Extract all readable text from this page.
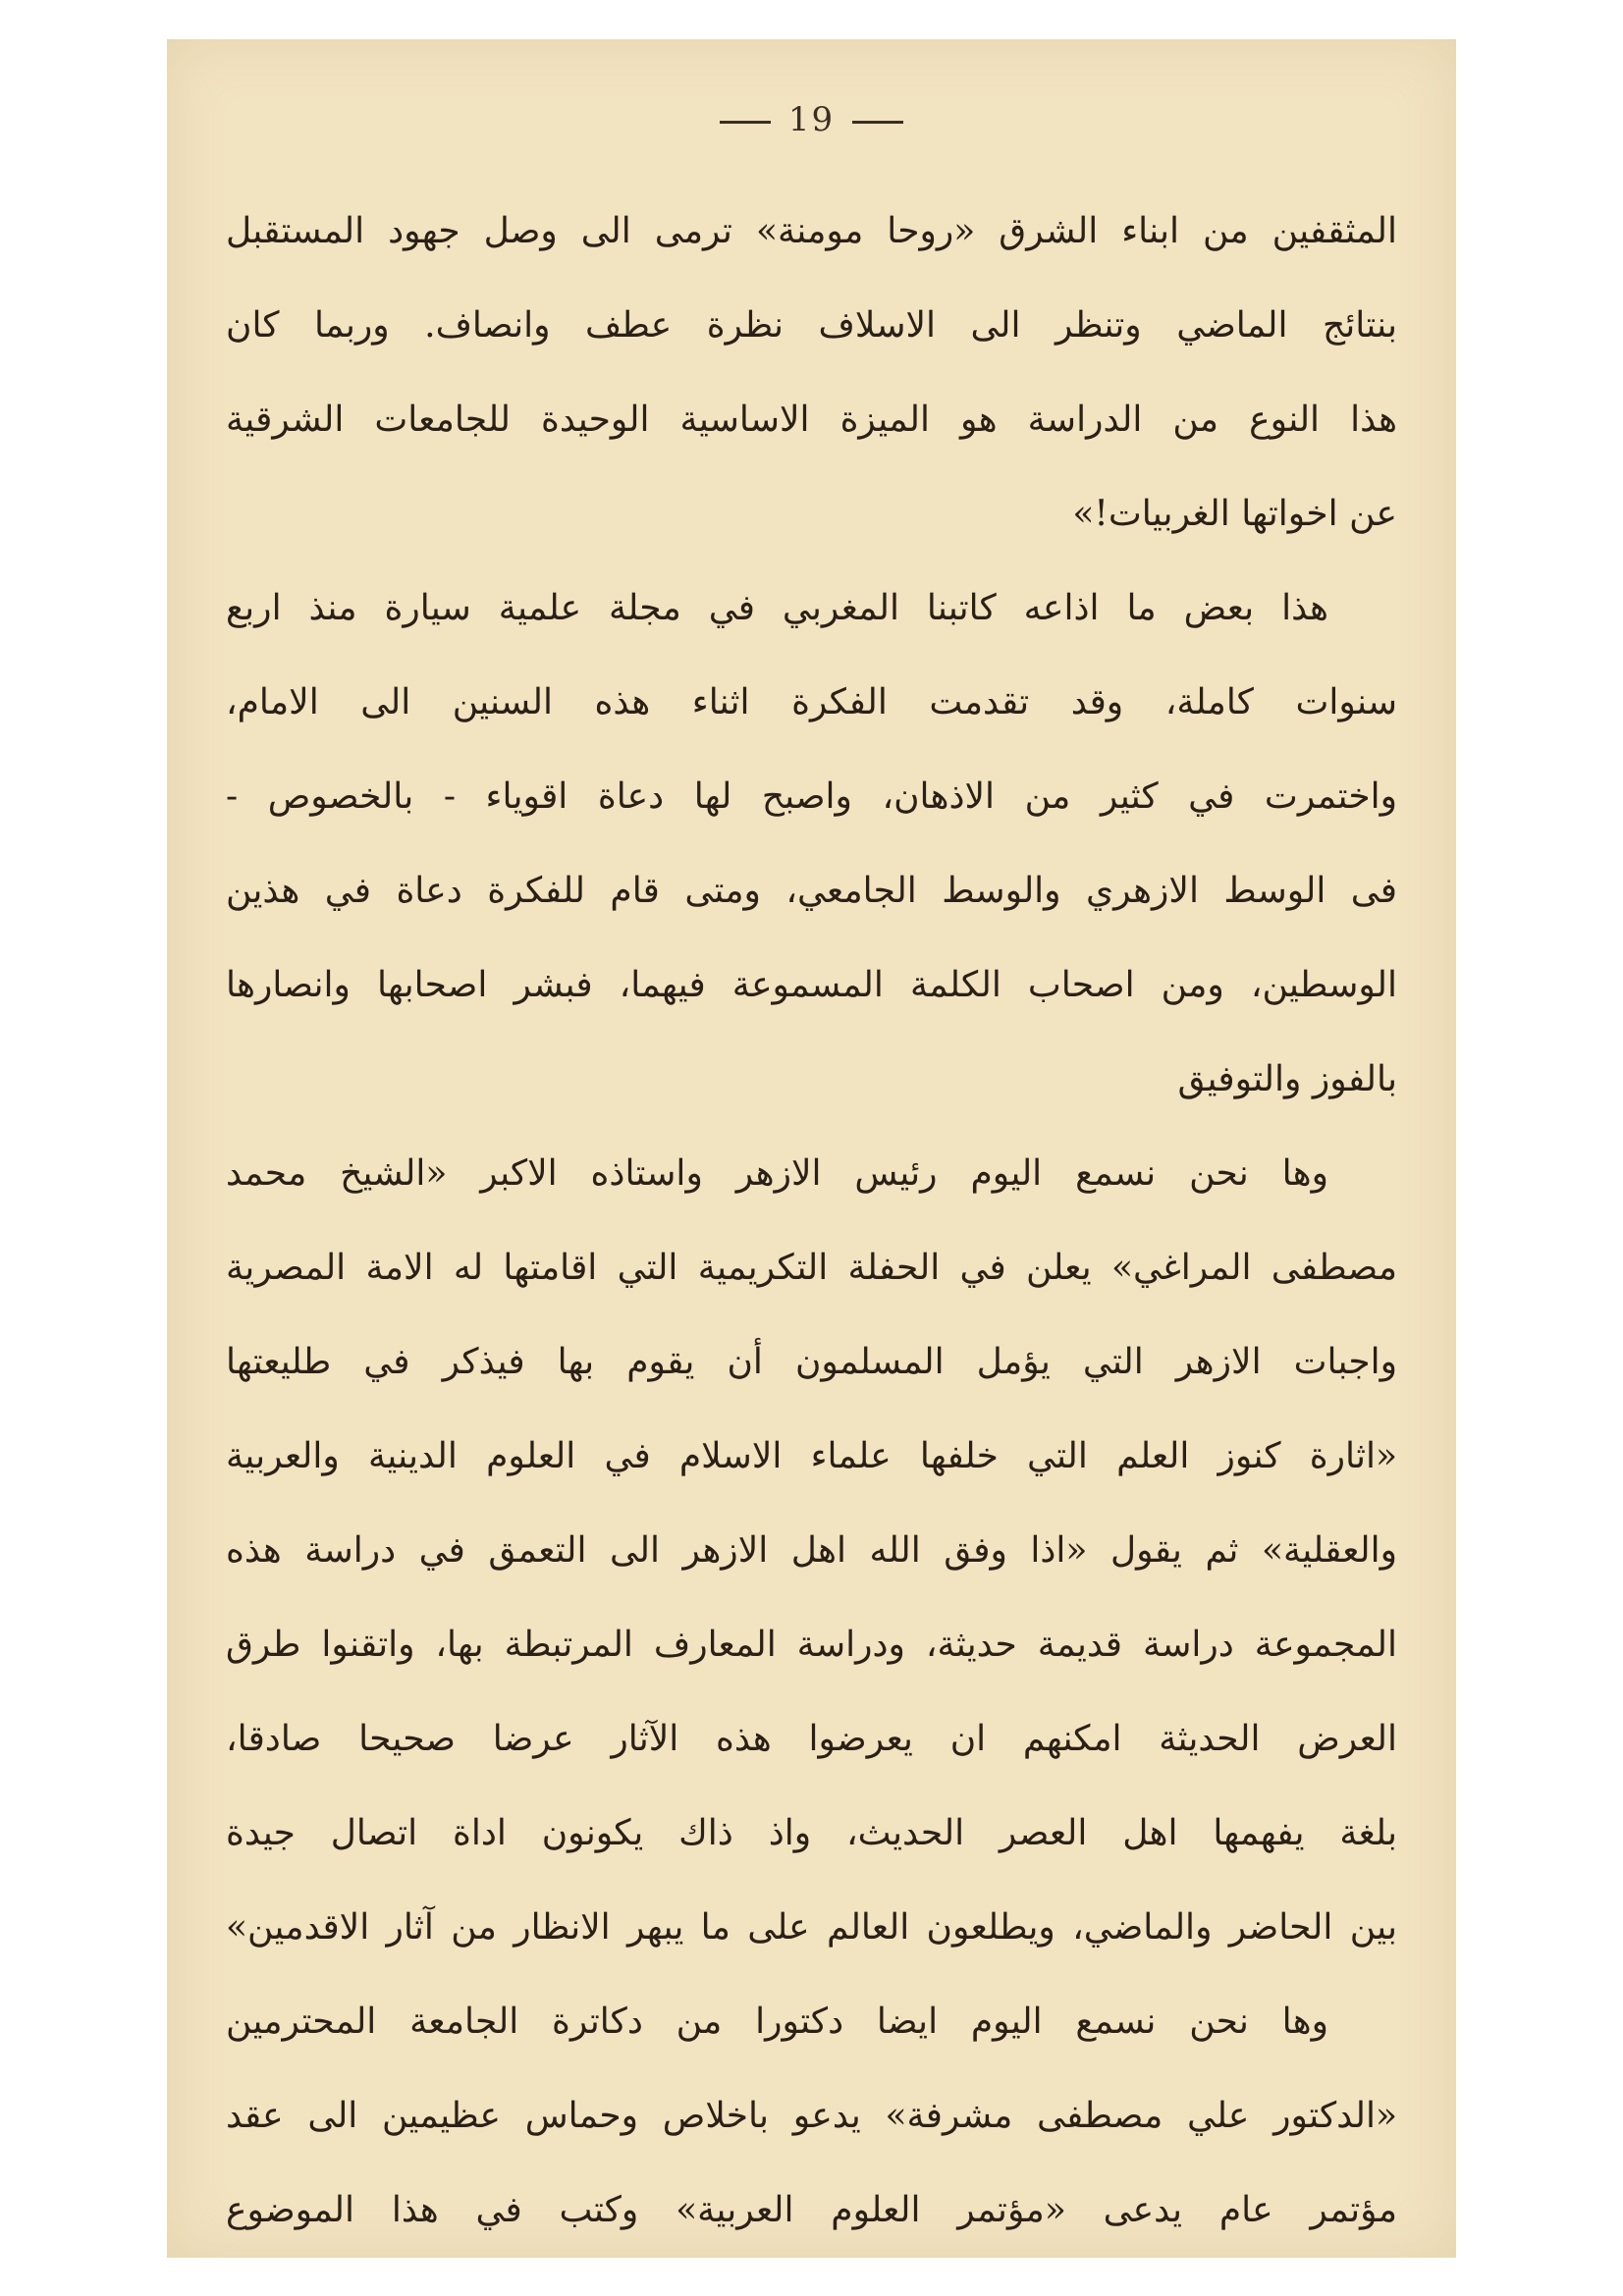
19
المثقفين من ابناء الشرق «روحا مومنة» ترمى الى وصل جهود المستقبل
بنتائج الماضي وتنظر الى الاسلاف نظرة عطف وانصاف. وربما كان
هذا النوع من الدراسة هو الميزة الاساسية الوحيدة للجامعات الشرقية
عن اخواتها الغربيات!»
هذا بعض ما اذاعه كاتبنا المغربي في مجلة علمية سيارة منذ اربع
سنوات كاملة، وقد تقدمت الفكرة اثناء هذه السنين الى الامام،
واختمرت في كثير من الاذهان، واصبح لها دعاة اقوياء - بالخصوص -
فى الوسط الازهري والوسط الجامعي، ومتى قام للفكرة دعاة في هذين
الوسطين، ومن اصحاب الكلمة المسموعة فيهما، فبشر اصحابها وانصارها
بالفوز والتوفيق
وها نحن نسمع اليوم رئيس الازهر واستاذه الاكبر «الشيخ محمد
مصطفى المراغي» يعلن في الحفلة التكريمية التي اقامتها له الامة المصرية
واجبات الازهر التي يؤمل المسلمون أن يقوم بها فيذكر في طليعتها
«اثارة كنوز العلم التي خلفها علماء الاسلام في العلوم الدينية والعربية
والعقلية» ثم يقول «اذا وفق الله اهل الازهر الى التعمق في دراسة هذه
المجموعة دراسة قديمة حديثة، ودراسة المعارف المرتبطة بها، واتقنوا طرق
العرض الحديثة امكنهم ان يعرضوا هذه الآثار عرضا صحيحا صادقا،
بلغة يفهمها اهل العصر الحديث، واذ ذاك يكونون اداة اتصال جيدة
بين الحاضر والماضي، ويطلعون العالم على ما يبهر الانظار من آثار الاقدمين»
وها نحن نسمع اليوم ايضا دكتورا من دكاترة الجامعة المحترمين
«الدكتور علي مصطفى مشرفة» يدعو باخلاص وحماس عظيمين الى عقد
مؤتمر عام يدعى «مؤتمر العلوم العربية» وكتب في هذا الموضوع
